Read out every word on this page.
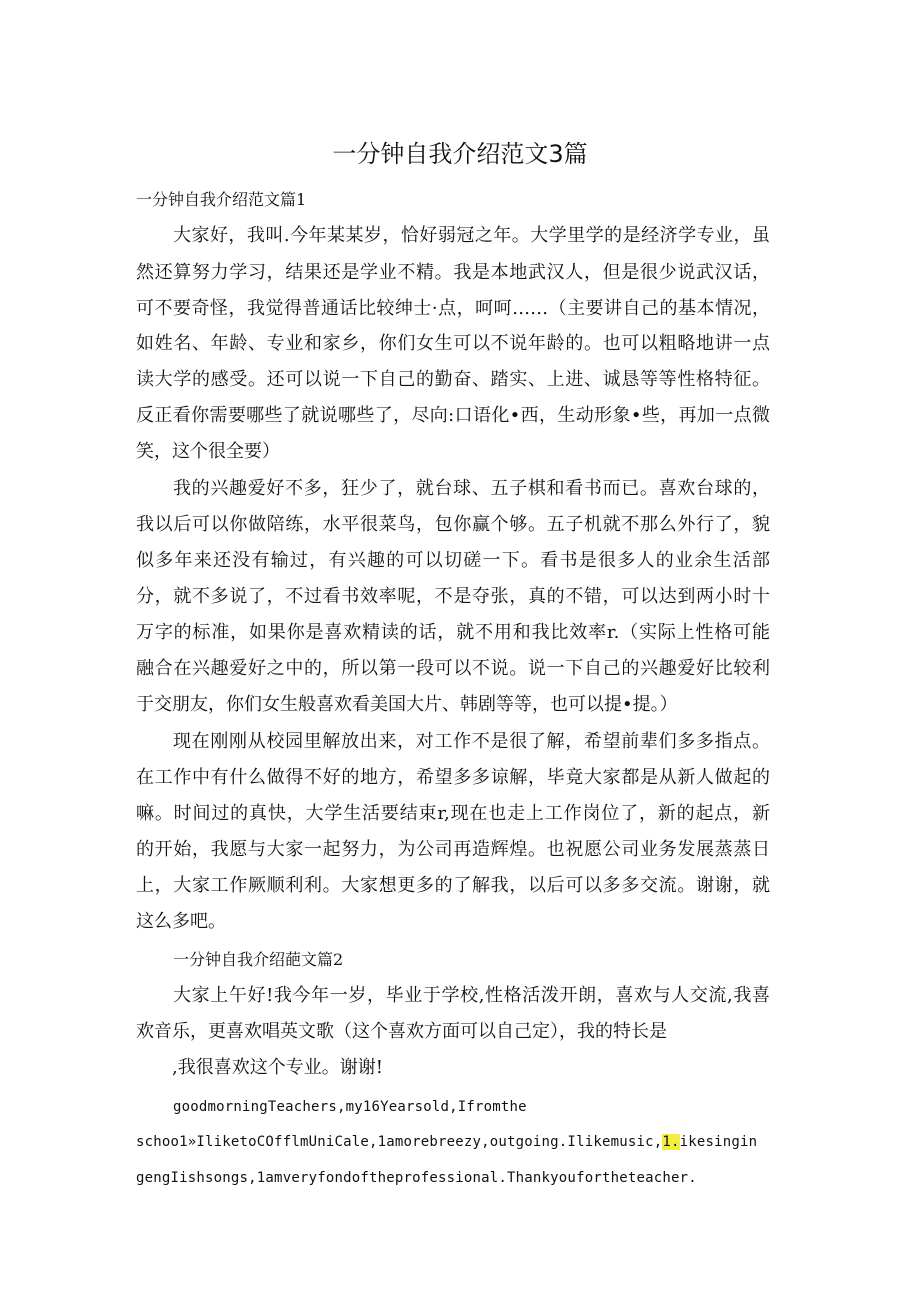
一分钟自我介绍范文3篇
一分钟自我介绍范文篇1
大家好，我叫.今年某某岁，恰好弱冠之年。大学里学的是经济学专业，虽
然还算努力学习，结果还是学业不精。我是本地武汉人，但是很少说武汉话，
可不要奇怪，我觉得普通话比较绅士·点，呵呵……（主要讲自己的基本情况，
如姓名、年龄、专业和家乡，你们女生可以不说年龄的。也可以粗略地讲一点
读大学的感受。还可以说一下自己的勤奋、踏实、上进、诚恳等等性格特征。
反正看你需要哪些了就说哪些了，尽向:口语化•西，生动形象•些，再加一点微
笑，这个很全要）
我的兴趣爱好不多，狂少了，就台球、五子棋和看书而已。喜欢台球的，
我以后可以你做陪练，水平很菜鸟，包你赢个够。五子机就不那么外行了，貌
似多年来还没有输过，有兴趣的可以切磋一下。看书是很多人的业余生活部
分，就不多说了，不过看书效率呢，不是夺张，真的不错，可以达到两小时十
万字的标准，如果你是喜欢精读的话，就不用和我比效率r.（实际上性格可能
融合在兴趣爱好之中的，所以第一段可以不说。说一下自己的兴趣爱好比较利
于交朋友，你们女生般喜欢看美国大片、韩剧等等，也可以提•提。）
现在刚刚从校园里解放出来，对工作不是很了解，希望前辈们多多指点。
在工作中有什么做得不好的地方，希望多多谅解，毕竟大家都是从新人做起的
嘛。时间过的真快，大学生活要结束r,现在也走上工作岗位了，新的起点，新
的开始，我愿与大家一起努力，为公司再造辉煌。也祝愿公司业务发展蒸蒸日
上，大家工作厥顺利利。大家想更多的了解我，以后可以多多交流。谢谢，就
这么多吧。
一分钟自我介绍葩文篇2
大家上午好!我今年一岁，毕业于学校,性格活泼开朗，喜欢与人交流,我喜
欢音乐，更喜欢唱英文歌（这个喜欢方面可以自己定），我的特长是
,我很喜欢这个专业。谢谢!
goodmorningTeachers,my16Yearsold,Ifromthe
schoo1»IliketoCOfflmUniCale,1amorebreezy,outgoing.Ilikemusic,1.ikesingin
gengIishsongs,1amveryfondoftheprofessional.Thankyoufortheteacher.
